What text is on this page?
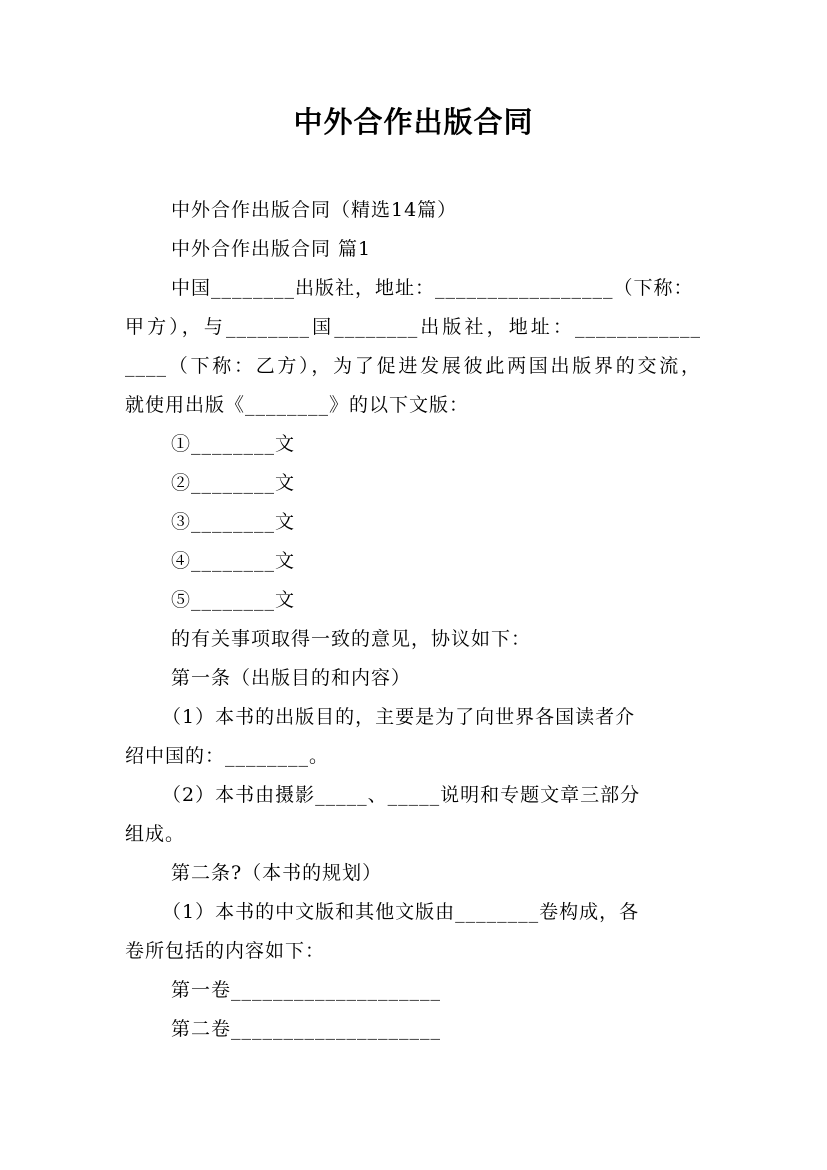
中外合作出版合同
中外合作出版合同（精选14篇）
中外合作出版合同 篇1
中国________出版社，地址：_________________（下称：
甲方），与________国________出版社，地址：____________
____（下称：乙方），为了促进发展彼此两国出版界的交流，
就使用出版《________》的以下文版：
①________文
②________文
③________文
④________文
⑤________文
的有关事项取得一致的意见，协议如下：
第一条（出版目的和内容）
（1）本书的出版目的，主要是为了向世界各国读者介
绍中国的：________。
（2）本书由摄影_____、_____说明和专题文章三部分
组成。
第二条?（本书的规划）
（1）本书的中文版和其他文版由________卷构成，各
卷所包括的内容如下：
第一卷____________________
第二卷____________________
